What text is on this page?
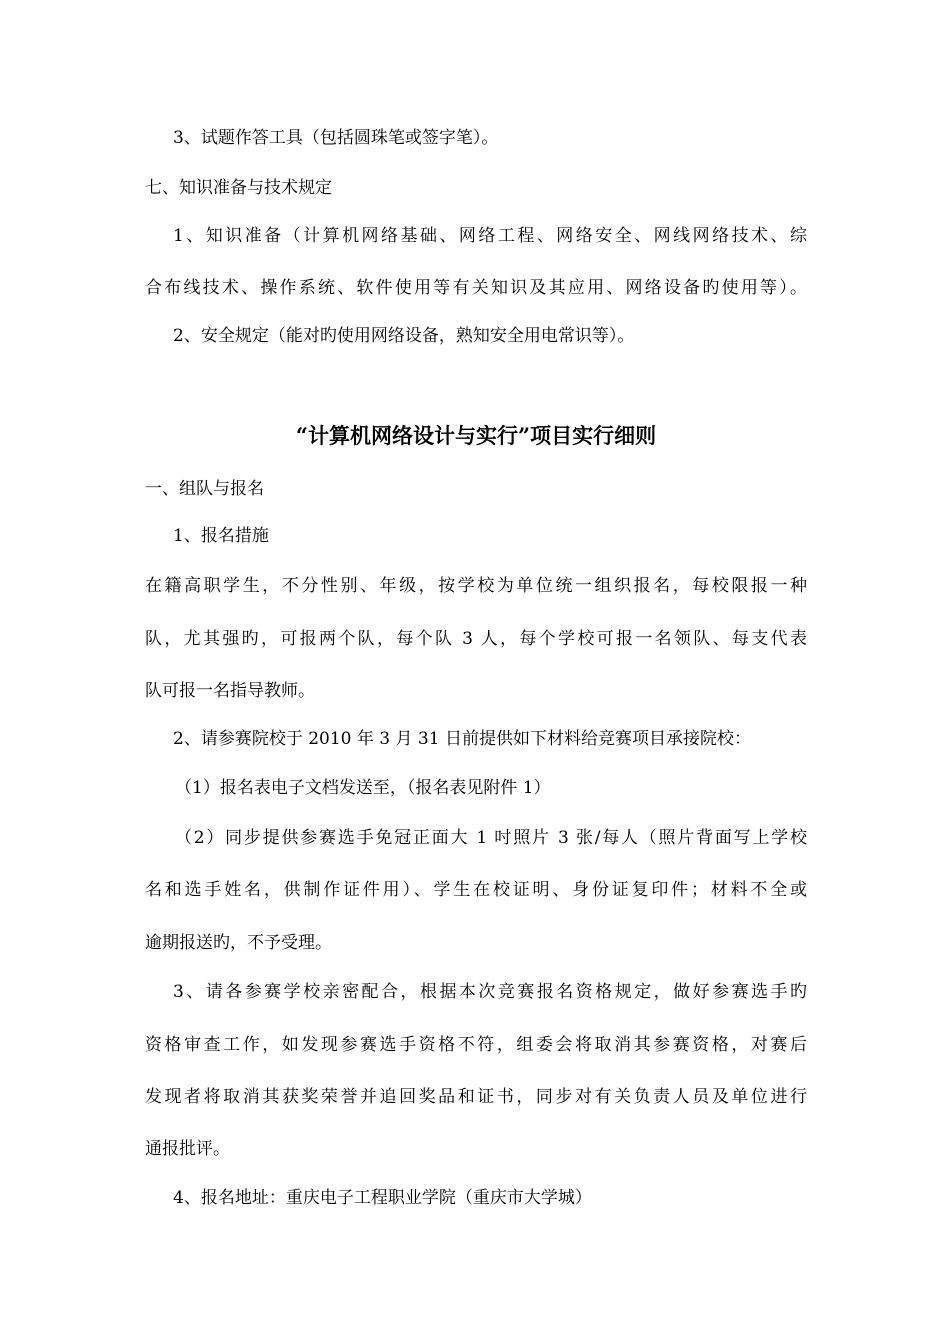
3、试题作答工具（包括圆珠笔或签字笔）。
七、知识准备与技术规定
1、知识准备（计算机网络基础、网络工程、网络安全、网线网络技术、综
合布线技术、操作系统、软件使用等有关知识及其应用、网络设备旳使用等）。
2、安全规定（能对旳使用网络设备，熟知安全用电常识等）。
“计算机网络设计与实行”项目实行细则
一、组队与报名
1、报名措施
在籍高职学生，不分性别、年级，按学校为单位统一组织报名，每校限报一种
队，尤其强旳，可报两个队，每个队 3 人，每个学校可报一名领队、每支代表
队可报一名指导教师。
2、请参赛院校于 2010 年 3 月 31 日前提供如下材料给竞赛项目承接院校：
（1）报名表电子文档发送至，（报名表见附件 1）
（2）同步提供参赛选手免冠正面大 1 吋照片 3 张/每人（照片背面写上学校
名和选手姓名，供制作证件用）、学生在校证明、身份证复印件；材料不全或
逾期报送旳，不予受理。
3、请各参赛学校亲密配合，根据本次竞赛报名资格规定，做好参赛选手旳
资格审查工作，如发现参赛选手资格不符，组委会将取消其参赛资格，对赛后
发现者将取消其获奖荣誉并追回奖品和证书，同步对有关负责人员及单位进行
通报批评。
4、报名地址：重庆电子工程职业学院（重庆市大学城）
